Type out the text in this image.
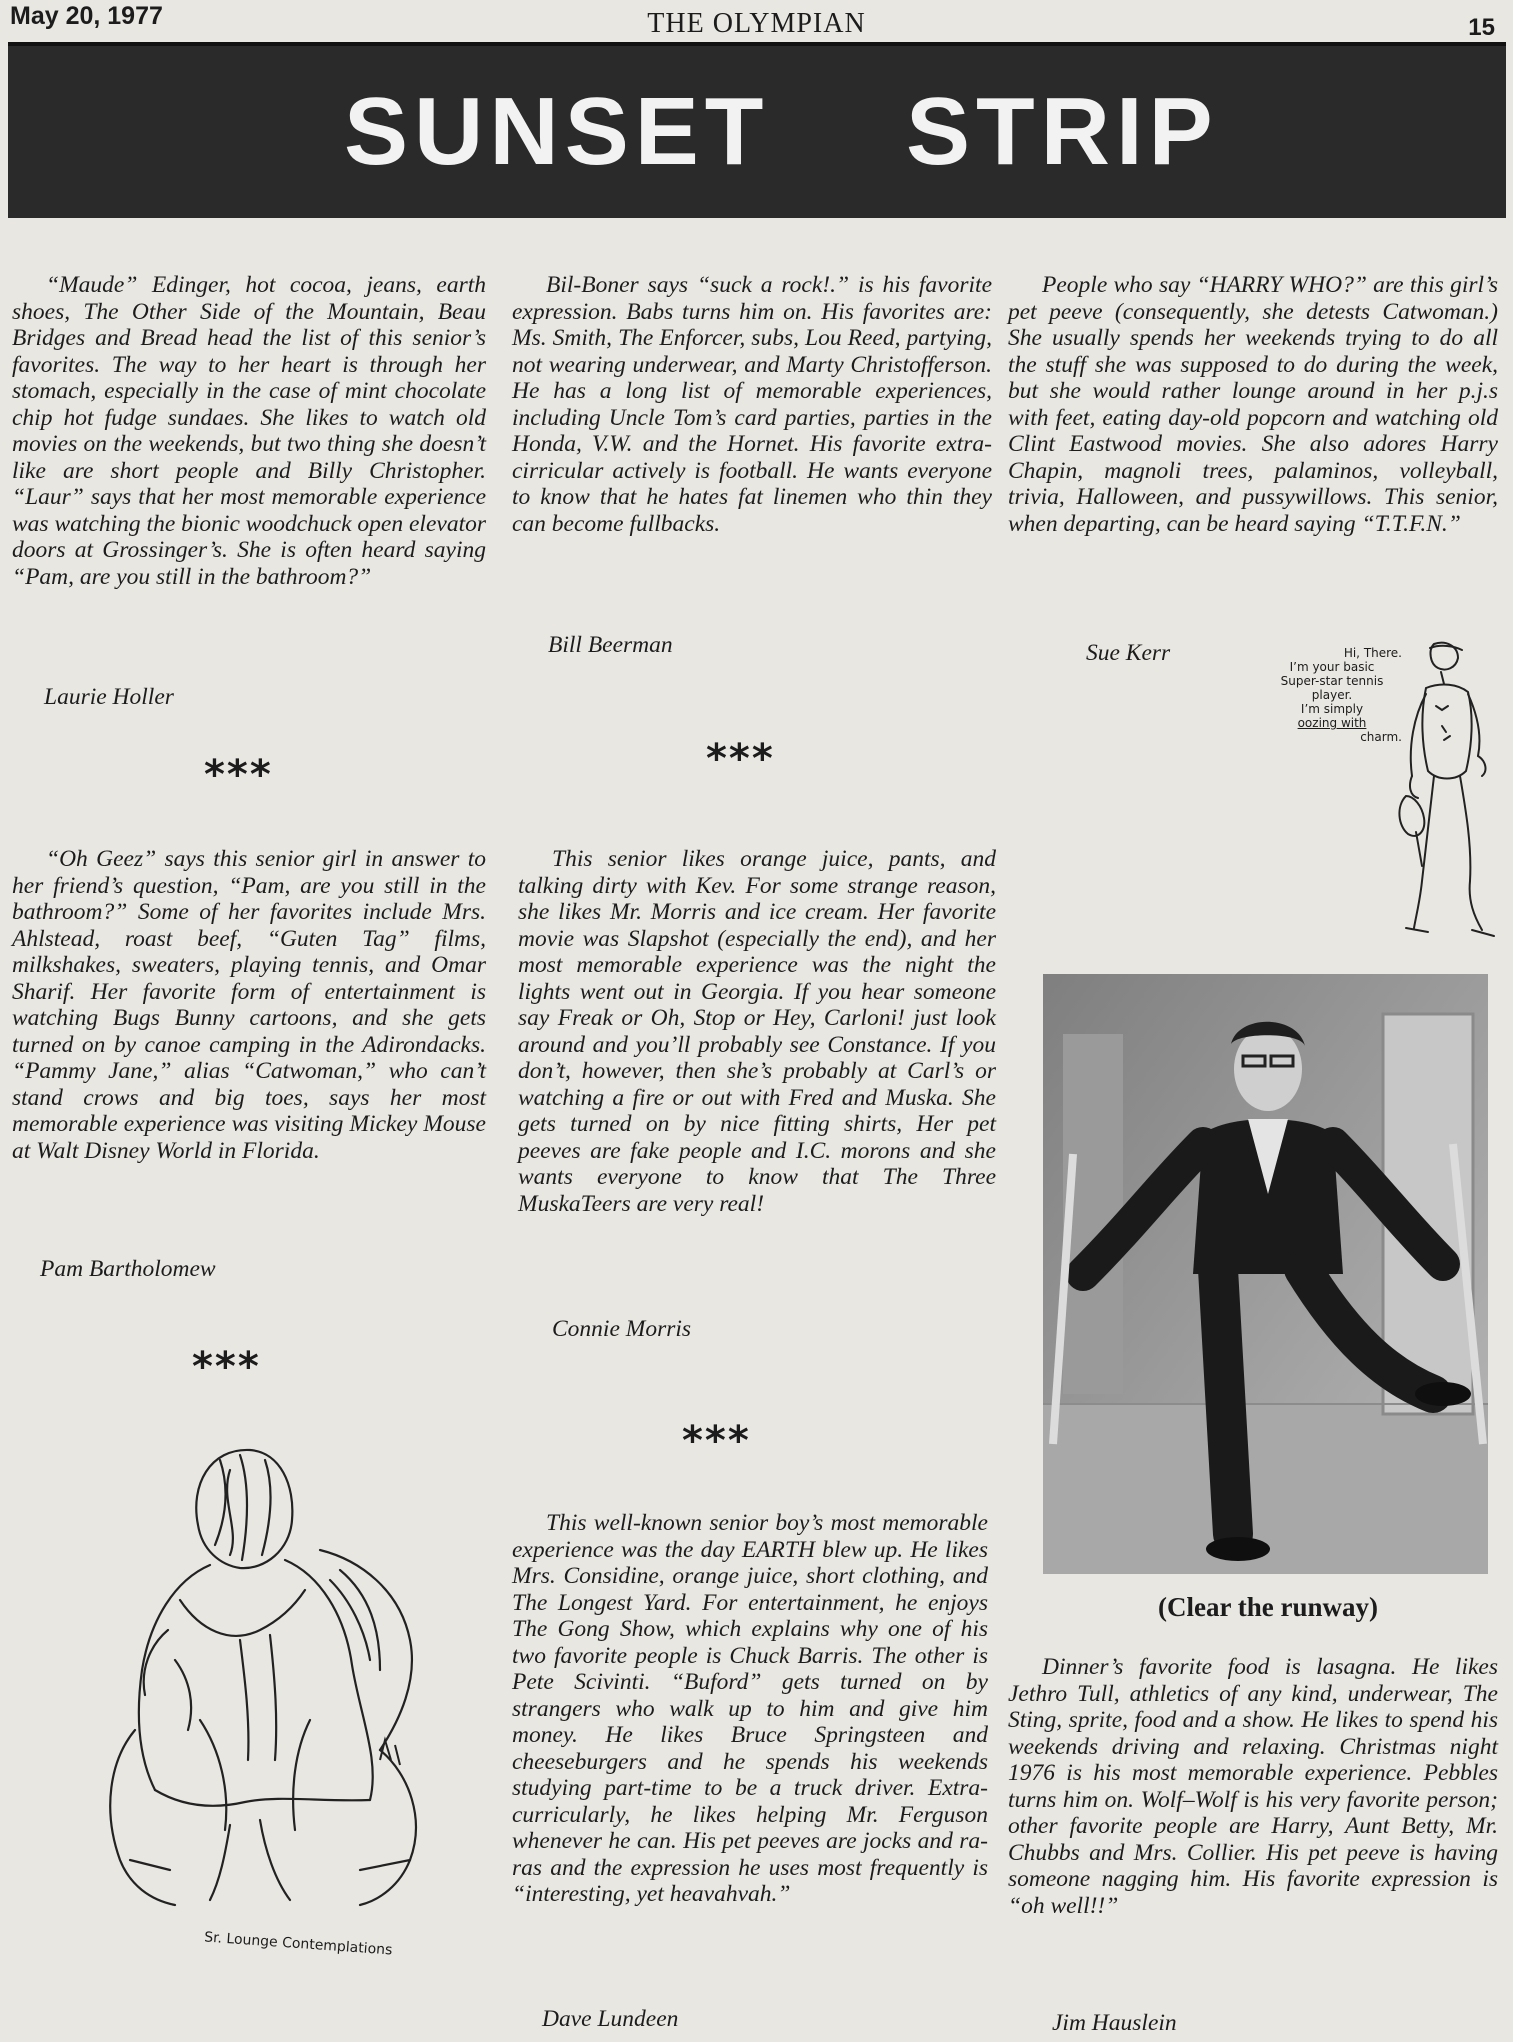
May 20, 1977	THE OLYMPIAN	15
SUNSET STRIP

“Maude” Edinger, hot cocoa, jeans, earth shoes, The Other Side of the Mountain, Beau Bridges and Bread head the list of this senior’s favorites. The way to her heart is through her stomach, especially in the case of mint chocolate chip hot fudge sundaes. She likes to watch old movies on the weekends, but two thing she doesn’t like are short people and Billy Christopher. “Laur” says that her most memorable experience was watching the bionic woodchuck open elevator doors at Grossinger’s. She is often heard saying “Pam, are you still in the bathroom?”

Laurie Holler
***

“Oh Geez” says this senior girl in answer to her friend’s question, “Pam, are you still in the bathroom?” Some of her favorites include Mrs. Ahlstead, roast beef, “Guten Tag” films, milkshakes, sweaters, playing tennis, and Omar Sharif. Her favorite form of entertainment is watching Bugs Bunny cartoons, and she gets turned on by canoe camping in the Adirondacks. “Pammy Jane,” alias “Catwoman,” who can’t stand crows and big toes, says her most memorable experience was visiting Mickey Mouse at Walt Disney World in Florida.

Pam Bartholomew
***
Sr. Lounge Contemplations

Bil-Boner says “suck a rock!.” is his favorite expression. Babs turns him on. His favorites are: Ms. Smith, The Enforcer, subs, Lou Reed, partying, not wearing underwear, and Marty Christofferson. He has a long list of memorable experiences, including Uncle Tom’s card parties, parties in the Honda, V.W. and the Hornet. His favorite extra-cirricular actively is football. He wants everyone to know that he hates fat linemen who thin they can become fullbacks.

Bill Beerman
***

This senior likes orange juice, pants, and talking dirty with Kev. For some strange reason, she likes Mr. Morris and ice cream. Her favorite movie was Slapshot (especially the end), and her most memorable experience was the night the lights went out in Georgia. If you hear someone say Freak or Oh, Stop or Hey, Carloni! just look around and you’ll probably see Constance. If you don’t, however, then she’s probably at Carl’s or watching a fire or out with Fred and Muska. She gets turned on by nice fitting shirts, Her pet peeves are fake people and I.C. morons and she wants everyone to know that The Three MuskaTeers are very real!

Connie Morris
***

This well-known senior boy’s most memorable experience was the day EARTH blew up. He likes Mrs. Considine, orange juice, short clothing, and The Longest Yard. For entertainment, he enjoys The Gong Show, which explains why one of his two favorite people is Chuck Barris. The other is Pete Scivinti. “Buford” gets turned on by strangers who walk up to him and give him money. He likes Bruce Springsteen and cheeseburgers and he spends his weekends studying part-time to be a truck driver. Extra-curricularly, he likes helping Mr. Ferguson whenever he can. His pet peeves are jocks and ra-ras and the expression he uses most frequently is “interesting, yet heavahvah.”

Dave Lundeen

People who say “HARRY WHO?” are this girl’s pet peeve (consequently, she detests Catwoman.) She usually spends her weekends trying to do all the stuff she was supposed to do during the week, but she would rather lounge around in her p.j.s with feet, eating day-old popcorn and watching old Clint Eastwood movies. She also adores Harry Chapin, magnoli trees, palaminos, volleyball, trivia, Halloween, and pussywillows. This senior, when departing, can be heard saying “T.T.F.N.”

Sue Kerr	Hi, There.
I’m your basic
Super-star tennis
player.
I’m simply
oozing with
charm.
(Clear the runway)

Dinner’s favorite food is lasagna. He likes Jethro Tull, athletics of any kind, underwear, The Sting, sprite, food and a show. He likes to spend his weekends driving and relaxing. Christmas night 1976 is his most memorable experience. Pebbles turns him on. Wolf–Wolf is his very favorite person; other favorite people are Harry, Aunt Betty, Mr. Chubbs and Mrs. Collier. His pet peeve is having someone nagging him. His favorite expression is “oh well!!”

Jim Hauslein
